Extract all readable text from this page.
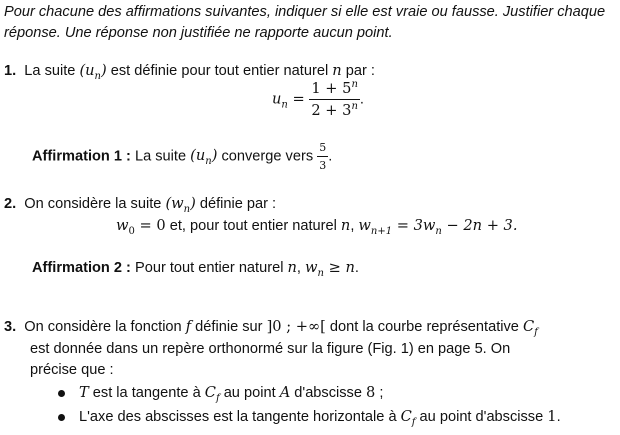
Pour chacune des affirmations suivantes, indiquer si elle est vraie ou fausse. Justifier chaque réponse. Une réponse non justifiée ne rapporte aucun point.
1. La suite $(u_n)$ est définie pour tout entier naturel n par :
$u_n = \frac{1 + 5^n}{2 + 3^n}$ .
Affirmation 1 : La suite $(u_n)$ converge vers $\frac{5}{3}$ .
2. On considère la suite $(w_n)$ définie par :
$w_0 = 0$ et, pour tout entier naturel n, $w_{n+1} = 3w_n - 2n + 3$.
Affirmation 2 : Pour tout entier naturel n, $w_n \ge n$.
3. On considère la fonction f définie sur ]0 ; +∞[ dont la courbe représentative $C_f$
est donnée dans un repère orthonormé sur la figure (Fig. 1) en page 5. On
précise que :
T est la tangente à $C_f$ au point A d'abscisse 8 ;
L'axe des abscisses est la tangente horizontale à $C_f$ au point d'abscisse 1.
